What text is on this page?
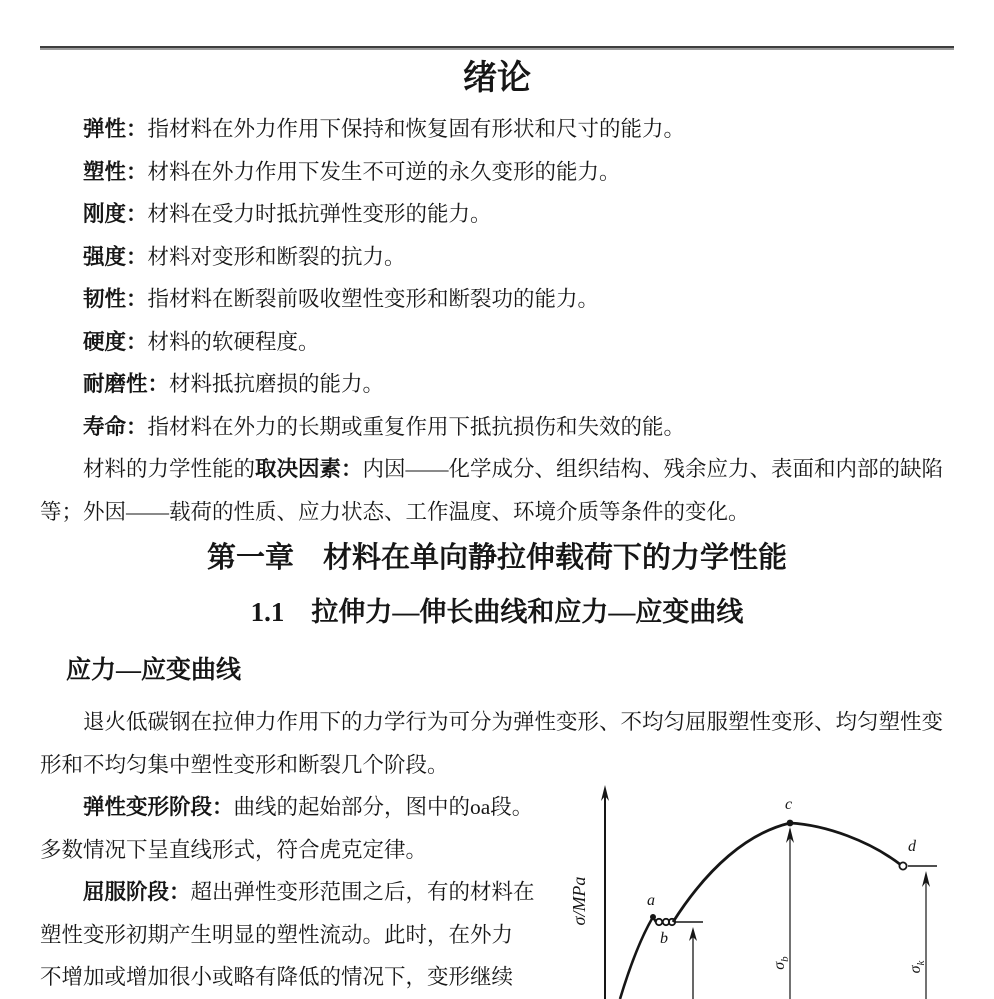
绪论
弹性：指材料在外力作用下保持和恢复固有形状和尺寸的能力。
塑性：材料在外力作用下发生不可逆的永久变形的能力。
刚度：材料在受力时抵抗弹性变形的能力。
强度：材料对变形和断裂的抗力。
韧性：指材料在断裂前吸收塑性变形和断裂功的能力。
硬度：材料的软硬程度。
耐磨性：材料抵抗磨损的能力。
寿命：指材料在外力的长期或重复作用下抵抗损伤和失效的能。
材料的力学性能的取决因素：内因——化学成分、组织结构、残余应力、表面和内部的缺陷
等；外因——载荷的性质、应力状态、工作温度、环境介质等条件的变化。
第一章　材料在单向静拉伸载荷下的力学性能
1.1　拉伸力—伸长曲线和应力—应变曲线
应力—应变曲线
退火低碳钢在拉伸力作用下的力学行为可分为弹性变形、不均匀屈服塑性变形、均匀塑性变
形和不均匀集中塑性变形和断裂几个阶段。
弹性变形阶段：曲线的起始部分，图中的oa段。
多数情况下呈直线形式，符合虎克定律。
屈服阶段：超出弹性变形范围之后，有的材料在
塑性变形初期产生明显的塑性流动。此时，在外力
不增加或增加很小或略有降低的情况下，变形继续
σ/MPa	a
b
c
$\sigma_b$
d
$\sigma_k$
